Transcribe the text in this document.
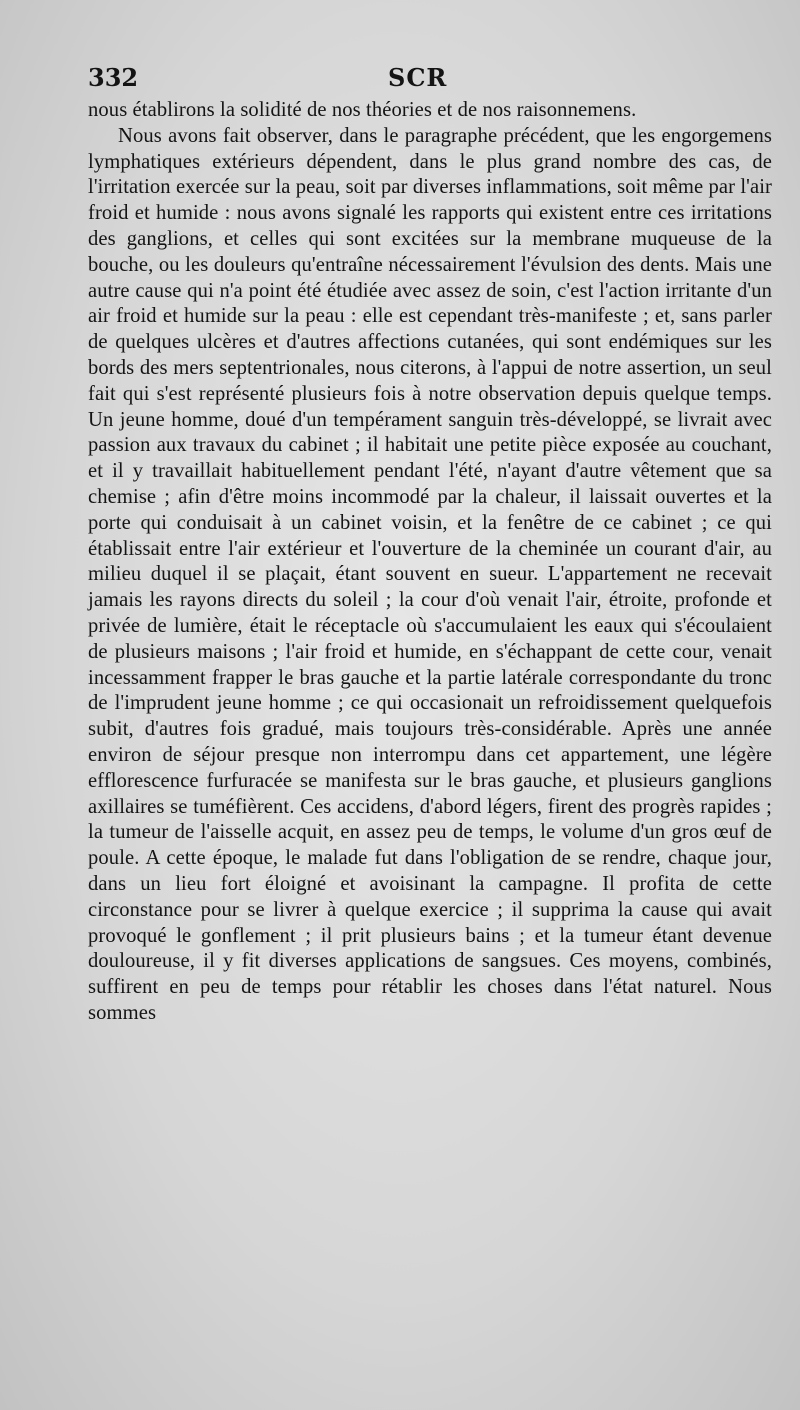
332	SCR

nous établirons la solidité de nos théories et de nos raisonnemens.

Nous avons fait observer, dans le paragraphe précédent, que les engorgemens lymphatiques extérieurs dépendent, dans le plus grand nombre des cas, de l'irritation exercée sur la peau, soit par diverses inflammations, soit même par l'air froid et humide : nous avons signalé les rapports qui existent entre ces irritations des ganglions, et celles qui sont excitées sur la membrane muqueuse de la bouche, ou les douleurs qu'entraîne nécessairement l'évulsion des dents. Mais une autre cause qui n'a point été étudiée avec assez de soin, c'est l'action irritante d'un air froid et humide sur la peau : elle est cependant très-manifeste ; et, sans parler de quelques ulcères et d'autres affections cutanées, qui sont endémiques sur les bords des mers septentrionales, nous citerons, à l'appui de notre assertion, un seul fait qui s'est représenté plusieurs fois à notre observation depuis quelque temps. Un jeune homme, doué d'un tempérament sanguin très-développé, se livrait avec passion aux travaux du cabinet ; il habitait une petite pièce exposée au couchant, et il y travaillait habituellement pendant l'été, n'ayant d'autre vêtement que sa chemise ; afin d'être moins incommodé par la chaleur, il laissait ouvertes et la porte qui conduisait à un cabinet voisin, et la fenêtre de ce cabinet ; ce qui établissait entre l'air extérieur et l'ouverture de la cheminée un courant d'air, au milieu duquel il se plaçait, étant souvent en sueur. L'appartement ne recevait jamais les rayons directs du soleil ; la cour d'où venait l'air, étroite, profonde et privée de lumière, était le réceptacle où s'accumulaient les eaux qui s'écoulaient de plusieurs maisons ; l'air froid et humide, en s'échappant de cette cour, venait incessamment frapper le bras gauche et la partie latérale correspondante du tronc de l'imprudent jeune homme ; ce qui occasionait un refroidissement quelquefois subit, d'autres fois gradué, mais toujours très-considérable. Après une année environ de séjour presque non interrompu dans cet appartement, une légère efflorescence furfuracée se manifesta sur le bras gauche, et plusieurs ganglions axillaires se tuméfièrent. Ces accidens, d'abord légers, firent des progrès rapides ; la tumeur de l'aisselle acquit, en assez peu de temps, le volume d'un gros œuf de poule. A cette époque, le malade fut dans l'obligation de se rendre, chaque jour, dans un lieu fort éloigné et avoisinant la campagne. Il profita de cette circonstance pour se livrer à quelque exercice ; il supprima la cause qui avait provoqué le gonflement ; il prit plusieurs bains ; et la tumeur étant devenue douloureuse, il y fit diverses applications de sangsues. Ces moyens, combinés, suffirent en peu de temps pour rétablir les choses dans l'état naturel. Nous sommes
